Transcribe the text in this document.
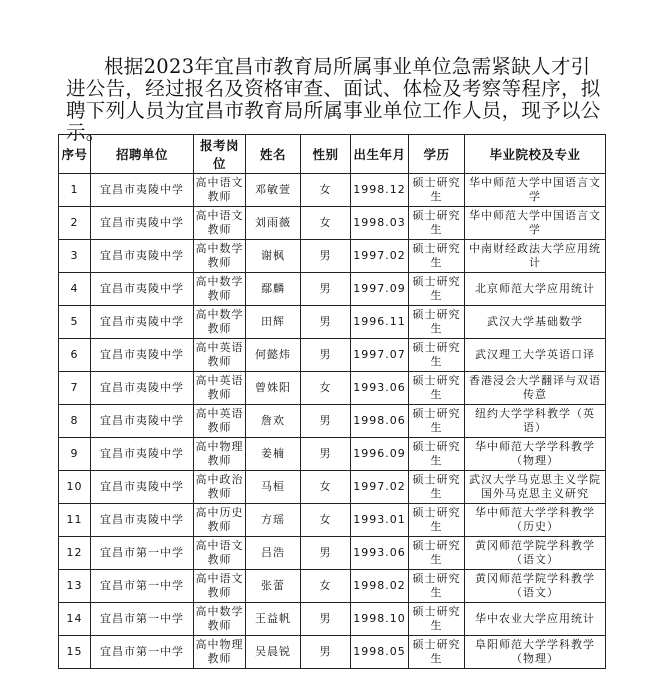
根据2023年宜昌市教育局所属事业单位急需紧缺人才引进公告，经过报名及资格审查、面试、体检及考察等程序，拟聘下列人员为宜昌市教育局所属事业单位工作人员，现予以公示。

序号	招聘单位	报考岗位	姓名	性别	出生年月	学历	毕业院校及专业
1	宜昌市夷陵中学	高中语文教师	邓敏萱	女	1998.12	硕士研究生	华中师范大学中国语言文学
2	宜昌市夷陵中学	高中语文教师	刘雨薇	女	1998.03	硕士研究生	华中师范大学中国语言文学
3	宜昌市夷陵中学	高中数学教师	谢枫	男	1997.02	硕士研究生	中南财经政法大学应用统计
4	宜昌市夷陵中学	高中数学教师	鄢麟	男	1997.09	硕士研究生	北京师范大学应用统计
5	宜昌市夷陵中学	高中数学教师	田辉	男	1996.11	硕士研究生	武汉大学基础数学
6	宜昌市夷陵中学	高中英语教师	何懿炜	男	1997.07	硕士研究生	武汉理工大学英语口译
7	宜昌市夷陵中学	高中英语教师	曾姝阳	女	1993.06	硕士研究生	香港浸会大学翻译与双语传意
8	宜昌市夷陵中学	高中英语教师	詹欢	男	1998.06	硕士研究生	纽约大学学科教学（英语）
9	宜昌市夷陵中学	高中物理教师	姜楠	男	1996.09	硕士研究生	华中师范大学学科教学（物理）
10	宜昌市夷陵中学	高中政治教师	马桓	女	1997.02	硕士研究生	武汉大学马克思主义学院国外马克思主义研究
11	宜昌市夷陵中学	高中历史教师	方瑶	女	1993.01	硕士研究生	华中师范大学学科教学（历史）
12	宜昌市第一中学	高中语文教师	吕浩	男	1993.06	硕士研究生	黄冈师范学院学科教学（语文）
13	宜昌市第一中学	高中语文教师	张蕾	女	1998.02	硕士研究生	黄冈师范学院学科教学（语文）
14	宜昌市第一中学	高中数学教师	王益帆	男	1998.10	硕士研究生	华中农业大学应用统计
15	宜昌市第一中学	高中物理教师	吴晨锐	男	1998.05	硕士研究生	阜阳师范大学学科教学（物理）
